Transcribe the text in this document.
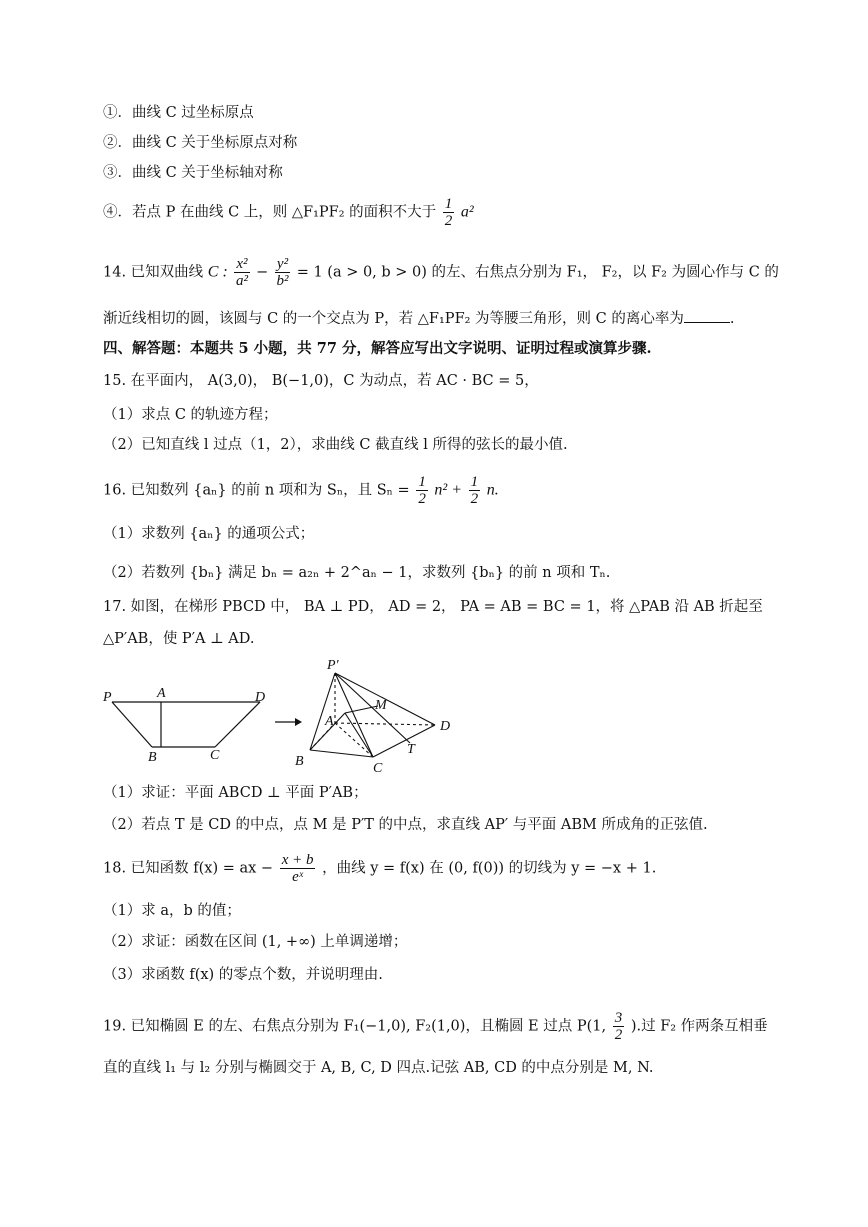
①．曲线 C 过坐标原点
②．曲线 C 关于坐标原点对称
③．曲线 C 关于坐标轴对称
④．若点 P 在曲线 C 上，则 △F₁PF₂ 的面积不大于 $\frac{1}{2} a^2$
14. 已知双曲线 C : $\frac{\text{x²}}{\text{a²}} - \frac{\text{y²}}{\text{b²}} = 1$ (a > 0, b > 0) 的左、右焦点分别为 F₁， F₂，以 F₂ 为圆心作与 C 的
渐近线相切的圆，该圆与 C 的一个交点为 P，若 △F₁PF₂ 为等腰三角形，则 C 的离心率为	.
四、解答题：本题共 5 小题，共 77 分，解答应写出文字说明、证明过程或演算步骤.
15. 在平面内， A(3,0)， B(−1,0)，C 为动点，若 AC · BC = 5，
（1）求点 C 的轨迹方程；
（2）已知直线 l 过点（1，2），求曲线 C 截直线 l 所得的弦长的最小值.
16. 已知数列 {aₙ} 的前 n 项和为 Sₙ，且 $S_n = \frac{1}{2} n^2 + \frac{1}{2} n$.
（1）求数列 {aₙ} 的通项公式；
（2）若数列 {bₙ} 满足 bₙ = a₂ₙ + 2^aₙ − 1，求数列 {bₙ} 的前 n 项和 Tₙ.
17. 如图，在梯形 PBCD 中， BA ⊥ PD， AD = 2， PA = AB = BC = 1，将 △PAB 沿 AB 折起至
△P′AB，使 P′A ⊥ AD.
P	A	D
B	C
P′
A
M
D
B
T
C
（1）求证：平面 ABCD ⊥ 平面 P′AB；
（2）若点 T 是 CD 的中点，点 M 是 P′T 的中点，求直线 AP′ 与平面 ABM 所成角的正弦值.
18. 已知函数 f(x) = ax − $\frac{x + b}{\text{eˣ}}$ ，曲线 y = f(x) 在 (0, f(0)) 的切线为 y = −x + 1.
（1）求 a，b 的值；
（2）求证：函数在区间 (1, +∞) 上单调递增；
（3）求函数 f(x) 的零点个数，并说明理由.
19. 已知椭圆 E 的左、右焦点分别为 F₁(−1,0), F₂(1,0)，且椭圆 E 过点 P(1, $\frac{3}{2}$ ).过 F₂ 作两条互相垂
直的直线 l₁ 与 l₂ 分别与椭圆交于 A, B, C, D 四点.记弦 AB, CD 的中点分别是 M, N.
